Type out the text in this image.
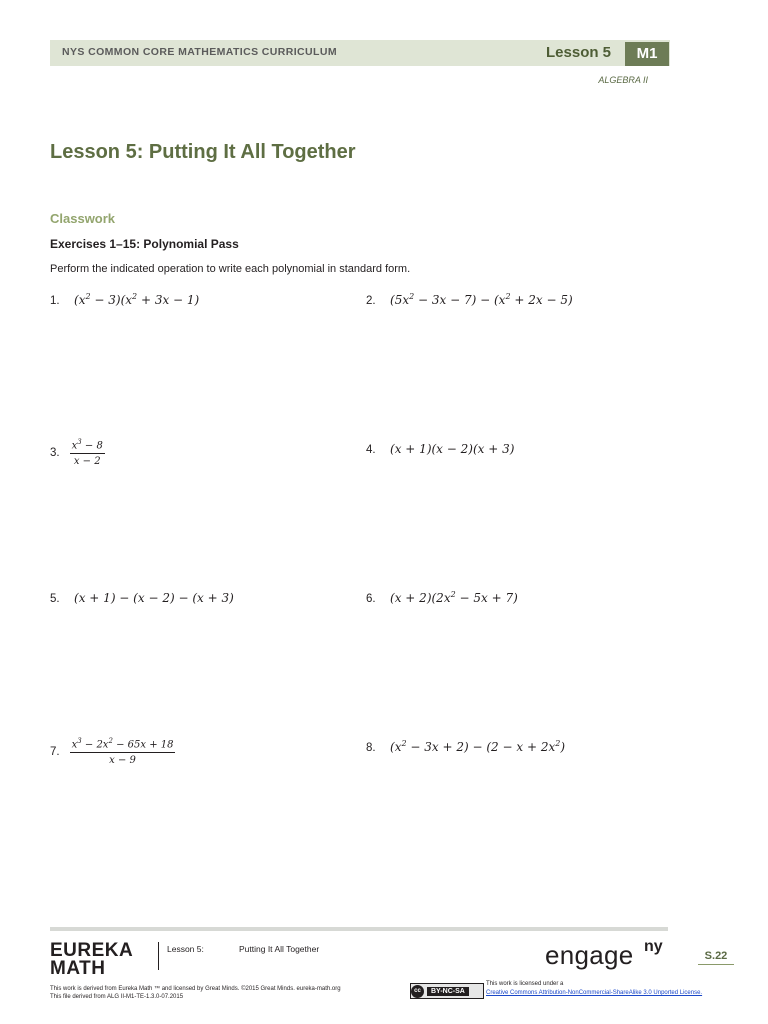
NYS COMMON CORE MATHEMATICS CURRICULUM	Lesson 5	M1
ALGEBRA II
Lesson 5: Putting It All Together
Classwork
Exercises 1–15: Polynomial Pass
Perform the indicated operation to write each polynomial in standard form.
1. $(x^2 - 3)(x^2 + 3x - 1)$	2. $(5x^2 - 3x - 7) - (x^2 + 2x - 5)$
3. $\frac{x^3 - 8}{x - 2}$	4. (x + 1)(x − 2)(x + 3)
5. (x + 1) − (x − 2) − (x + 3)	6. $(x + 2)(2x^2 - 5x + 7)$
7. $\frac{x^3 - 2x^2 - 65x + 18}{x - 9}$	8. $(x^2 - 3x + 2) - (2 - x + 2x^2)$
EUREKA
MATH
Lesson 5:	Putting It All Together	engage ny
S.22
This work is derived from Eureka Math ™ and licensed by Great Minds. ©2015 Great Minds. eureka-math.org
This file derived from ALG II-M1-TE-1.3.0-07.2015
cc	BY-NC-SA
This work is licensed under a
Creative Commons Attribution-NonCommercial-ShareAlike 3.0 Unported License.
